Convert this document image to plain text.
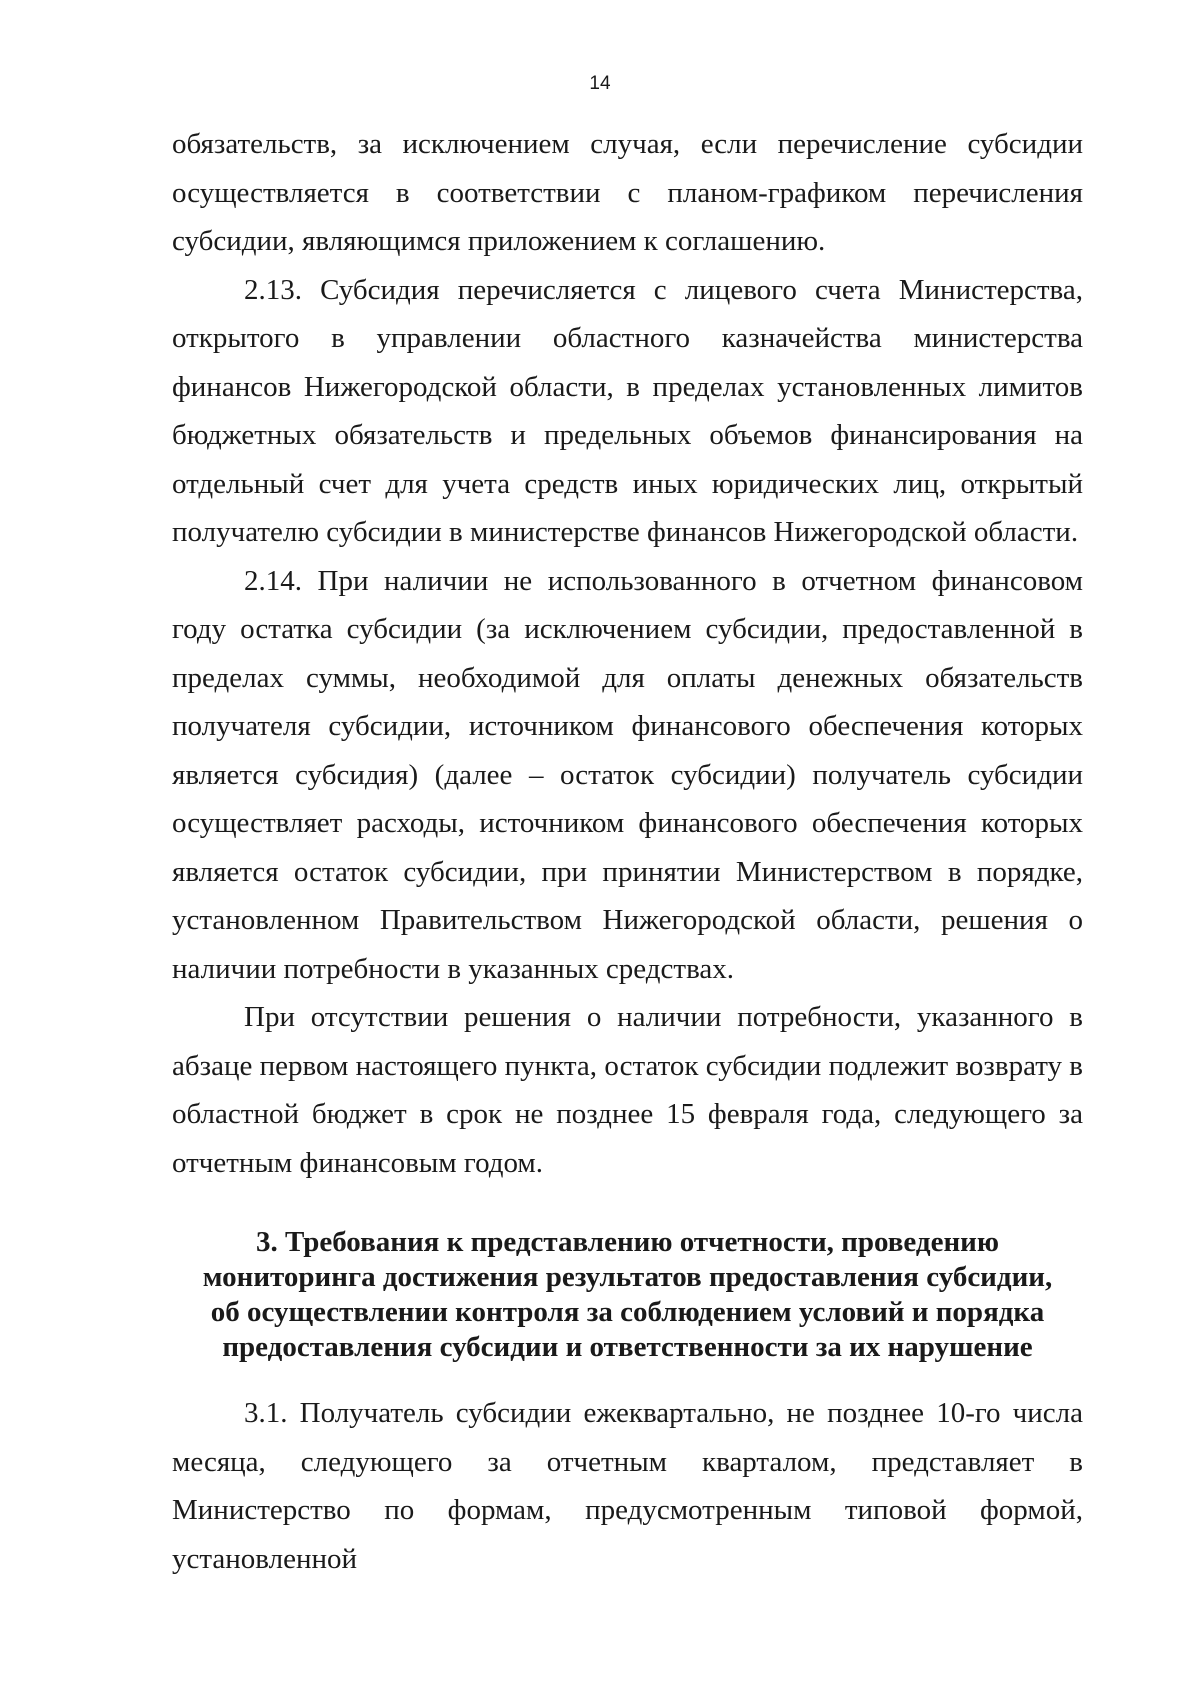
14

обязательств, за исключением случая, если перечисление субсидии осуществляется в соответствии с планом-графиком перечисления субсидии, являющимся приложением к соглашению.

2.13. Субсидия перечисляется с лицевого счета Министерства, открытого в управлении областного казначейства министерства финансов Нижегородской области, в пределах установленных лимитов бюджетных обязательств и предельных объемов финансирования на отдельный счет для учета средств иных юридических лиц, открытый получателю субсидии в министерстве финансов Нижегородской области.

2.14. При наличии не использованного в отчетном финансовом году остатка субсидии (за исключением субсидии, предоставленной в пределах суммы, необходимой для оплаты денежных обязательств получателя субсидии, источником финансового обеспечения которых является субсидия) (далее – остаток субсидии) получатель субсидии осуществляет расходы, источником финансового обеспечения которых является остаток субсидии, при принятии Министерством в порядке, установленном Правительством Нижегородской области, решения о наличии потребности в указанных средствах.

При отсутствии решения о наличии потребности, указанного в абзаце первом настоящего пункта, остаток субсидии подлежит возврату в областной бюджет в срок не позднее 15 февраля года, следующего за отчетным финансовым годом.

3. Требования к представлению отчетности, проведению
мониторинга достижения результатов предоставления субсидии,
об осуществлении контроля за соблюдением условий и порядка
предоставления субсидии и ответственности за их нарушение

3.1. Получатель субсидии ежеквартально, не позднее 10-го числа месяца, следующего за отчетным кварталом, представляет в Министерство по формам, предусмотренным типовой формой, установленной
